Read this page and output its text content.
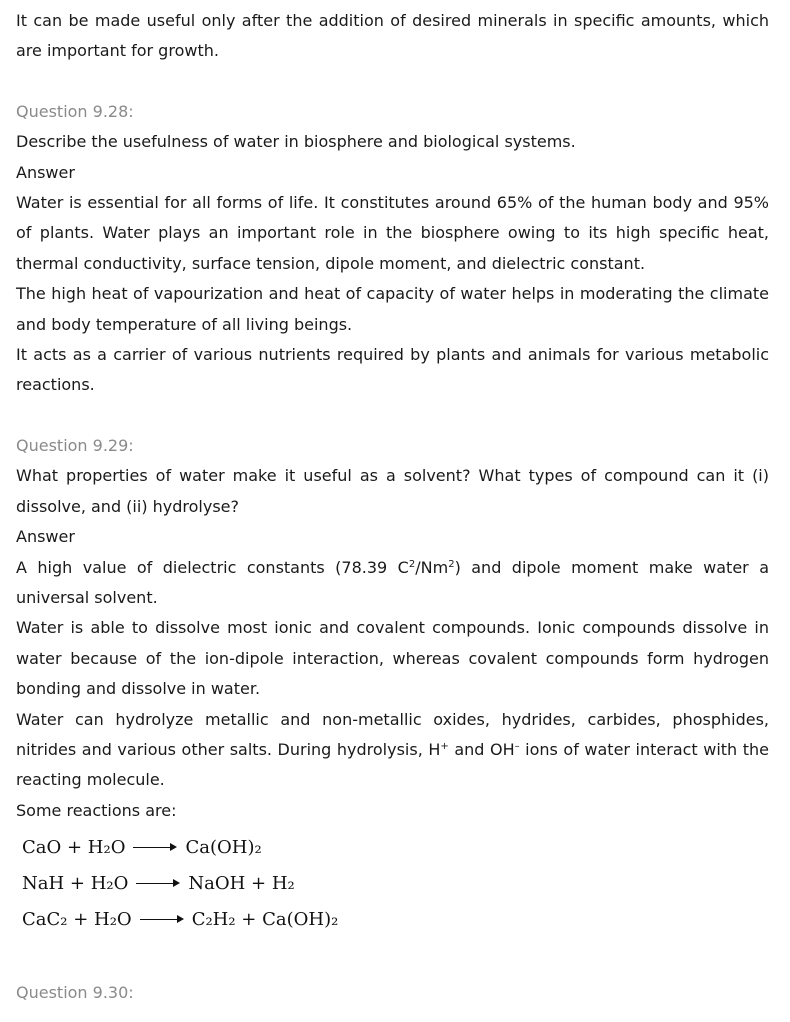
It can be made useful only after the addition of desired minerals in specific amounts, which are important for growth.

Question 9.28:

Describe the usefulness of water in biosphere and biological systems.

Answer

Water is essential for all forms of life. It constitutes around 65% of the human body and 95% of plants. Water plays an important role in the biosphere owing to its high specific heat, thermal conductivity, surface tension, dipole moment, and dielectric constant.

The high heat of vapourization and heat of capacity of water helps in moderating the climate and body temperature of all living beings.

It acts as a carrier of various nutrients required by plants and animals for various metabolic reactions.

Question 9.29:

What properties of water make it useful as a solvent? What types of compound can it (i) dissolve, and (ii) hydrolyse?

Answer

A high value of dielectric constants (78.39 $C^2/Nm^2$) and dipole moment make water a universal solvent.

Water is able to dissolve most ionic and covalent compounds. Ionic compounds dissolve in water because of the ion-dipole interaction, whereas covalent compounds form hydrogen bonding and dissolve in water.

Water can hydrolyze metallic and non-metallic oxides, hydrides, carbides, phosphides, nitrides and various other salts. During hydrolysis, H+ and OH– ions of water interact with the reacting molecule.

Some reactions are:

CaO + H₂O	Ca(OH)₂
NaH + H₂O	NaOH + H₂
CaC₂ + H₂O	C₂H₂ + Ca(OH)₂

Question 9.30:
